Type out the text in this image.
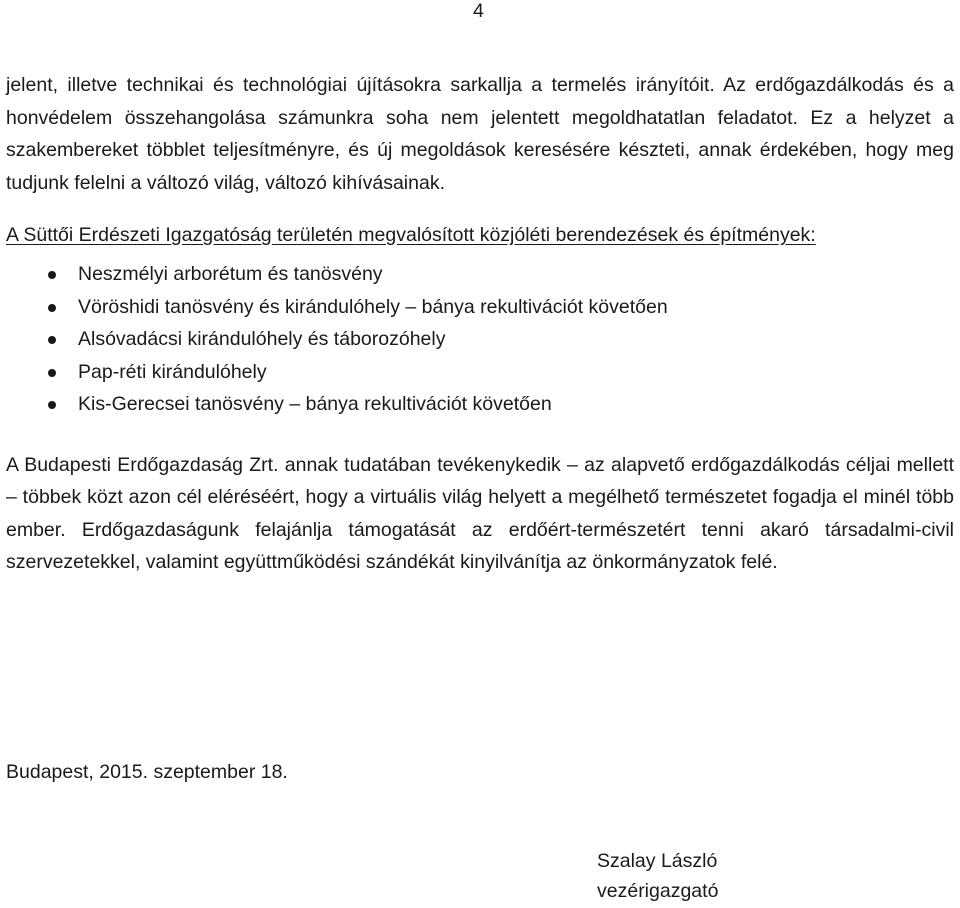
4

jelent, illetve technikai és technológiai újításokra sarkallja a termelés irányítóit. Az erdőgazdálkodás és a honvédelem összehangolása számunkra soha nem jelentett megoldhatatlan feladatot. Ez a helyzet a szakembereket többlet teljesítményre, és új megoldások keresésére készteti, annak érdekében, hogy meg tudjunk felelni a változó világ, változó kihívásainak.

A Süttői Erdészeti Igazgatóság területén megvalósított közjóléti berendezések és építmények:

Neszmélyi arborétum és tanösvény
Vöröshidi tanösvény és kirándulóhely – bánya rekultivációt követően
Alsóvadácsi kirándulóhely és táborozóhely
Pap-réti kirándulóhely
Kis-Gerecsei tanösvény – bánya rekultivációt követően

A Budapesti Erdőgazdaság Zrt. annak tudatában tevékenykedik – az alapvető erdőgazdálkodás céljai mellett – többek közt azon cél eléréséért, hogy a virtuális világ helyett a megélhető természetet fogadja el minél több ember. Erdőgazdaságunk felajánlja támogatását az erdőért-természetért tenni akaró társadalmi-civil szervezetekkel, valamint együttműködési szándékát kinyilvánítja az önkormányzatok felé.

Budapest, 2015. szeptember 18.
Szalay László
vezérigazgató
